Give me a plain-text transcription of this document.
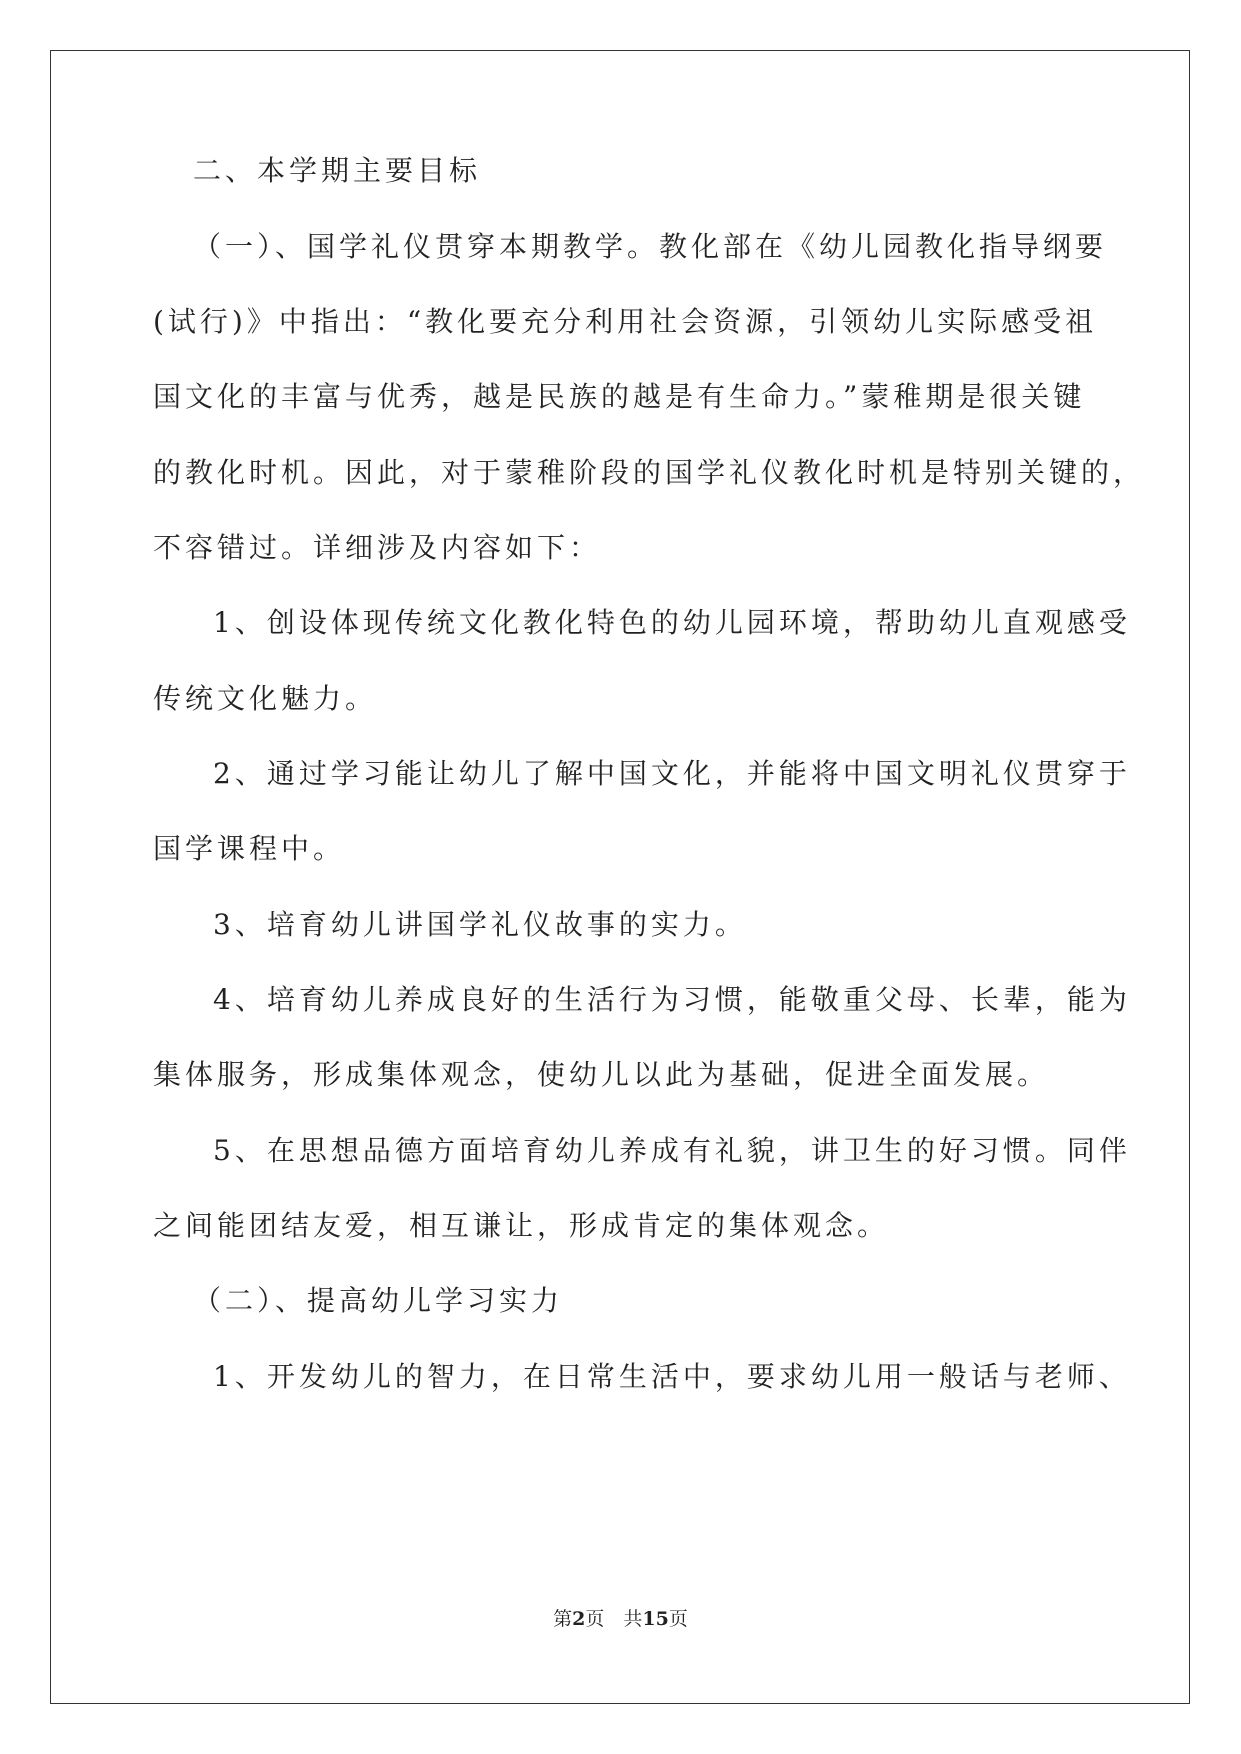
二、本学期主要目标
（一）、国学礼仪贯穿本期教学。教化部在《幼儿园教化指导纲要
(试行)》中指出：“教化要充分利用社会资源，引领幼儿实际感受祖
国文化的丰富与优秀，越是民族的越是有生命力。”蒙稚期是很关键
的教化时机。因此，对于蒙稚阶段的国学礼仪教化时机是特别关键的，
不容错过。详细涉及内容如下：
1、创设体现传统文化教化特色的幼儿园环境，帮助幼儿直观感受
传统文化魅力。
2、通过学习能让幼儿了解中国文化，并能将中国文明礼仪贯穿于
国学课程中。
3、培育幼儿讲国学礼仪故事的实力。
4、培育幼儿养成良好的生活行为习惯，能敬重父母、长辈，能为
集体服务，形成集体观念，使幼儿以此为基础，促进全面发展。
5、在思想品德方面培育幼儿养成有礼貌，讲卫生的好习惯。同伴
之间能团结友爱，相互谦让，形成肯定的集体观念。
（二）、提高幼儿学习实力
1、开发幼儿的智力，在日常生活中，要求幼儿用一般话与老师、
第2页　共15页
